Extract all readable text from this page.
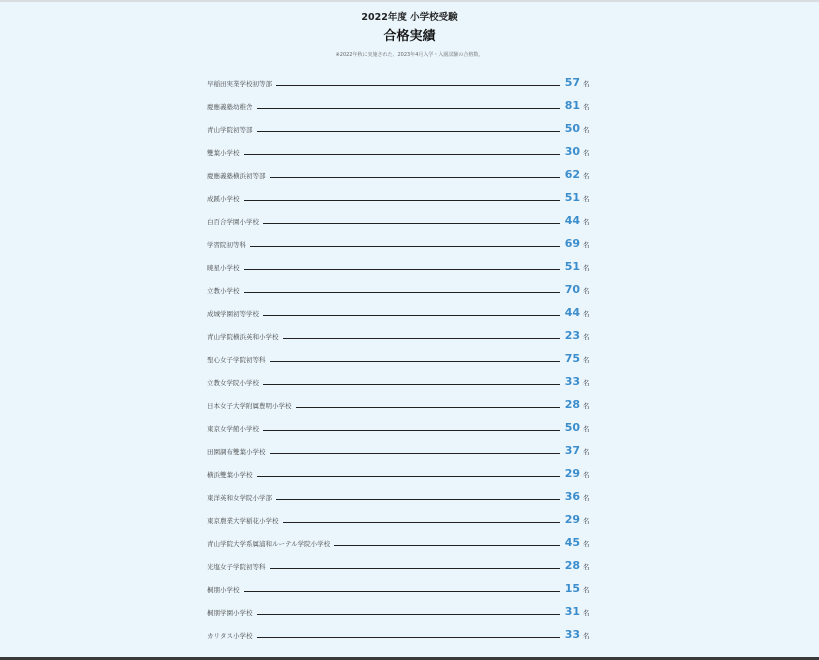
2022年度 小学校受験
合格実績
※2022年秋に実施された、2023年4月入学・入園試験の合格数。
早稲田実業学校初等部	57 名
慶應義塾幼稚舎	81 名
青山学院初等部	50 名
雙葉小学校	30 名
慶應義塾横浜初等部	62 名
成蹊小学校	51 名
白百合学園小学校	44 名
学習院初等科	69 名
暁星小学校	51 名
立教小学校	70 名
成城学園初等学校	44 名
青山学院横浜英和小学校	23 名
聖心女子学院初等科	75 名
立教女学院小学校	33 名
日本女子大学附属豊明小学校	28 名
東京女学館小学校	50 名
田園調布雙葉小学校	37 名
横浜雙葉小学校	29 名
東洋英和女学院小学部	36 名
東京農業大学稲花小学校	29 名
青山学院大学系属浦和ルーテル学院小学校	45 名
光塩女子学院初等科	28 名
桐朋小学校	15 名
桐朋学園小学校	31 名
カリタス小学校	33 名
